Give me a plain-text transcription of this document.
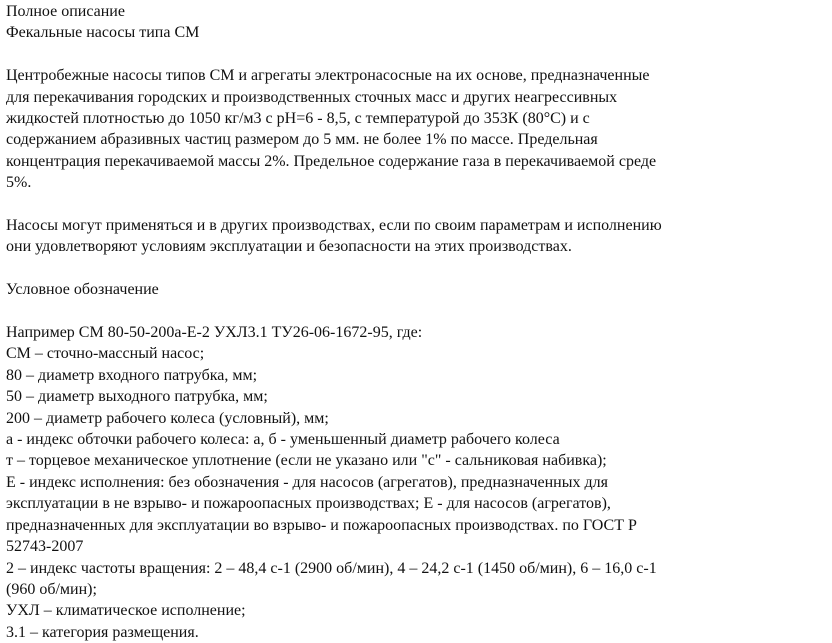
Полное описание
Фекальные насосы типа СМ
Центробежные насосы типов СМ и агрегаты электронасосные на их основе, предназначенные
для перекачивания городских и производственных сточных масс и других неагрессивных
жидкостей плотностью до 1050 кг/м3 с рН=6 - 8,5, с температурой до 353К (80°С) и с
содержанием абразивных частиц размером до 5 мм. не более 1% по массе. Предельная
концентрация перекачиваемой массы 2%. Предельное содержание газа в перекачиваемой среде
5%.
Насосы могут применяться и в других производствах, если по своим параметрам и исполнению
они удовлетворяют условиям эксплуатации и безопасности на этих производствах.
Условное обозначение
Например СМ 80-50-200а-Е-2 УХЛ3.1 ТУ26-06-1672-95, где:
СМ – сточно-массный насос;
80 – диаметр входного патрубка, мм;
50 – диаметр выходного патрубка, мм;
200 – диаметр рабочего колеса (условный), мм;
а - индекс обточки рабочего колеса: а, б - уменьшенный диаметр рабочего колеса
т – торцевое механическое уплотнение (если не указано или "с" - сальниковая набивка);
Е - индекс исполнения: без обозначения - для насосов (агрегатов), предназначенных для
эксплуатации в не взрыво- и пожароопасных производствах; Е - для насосов (агрегатов),
предназначенных для эксплуатации во взрыво- и пожароопасных производствах. по ГОСТ Р
52743-2007
2 – индекс частоты вращения: 2 – 48,4 с-1 (2900 об/мин), 4 – 24,2 с-1 (1450 об/мин), 6 – 16,0 с-1
(960 об/мин);
УХЛ – климатическое исполнение;
3.1 – категория размещения.
